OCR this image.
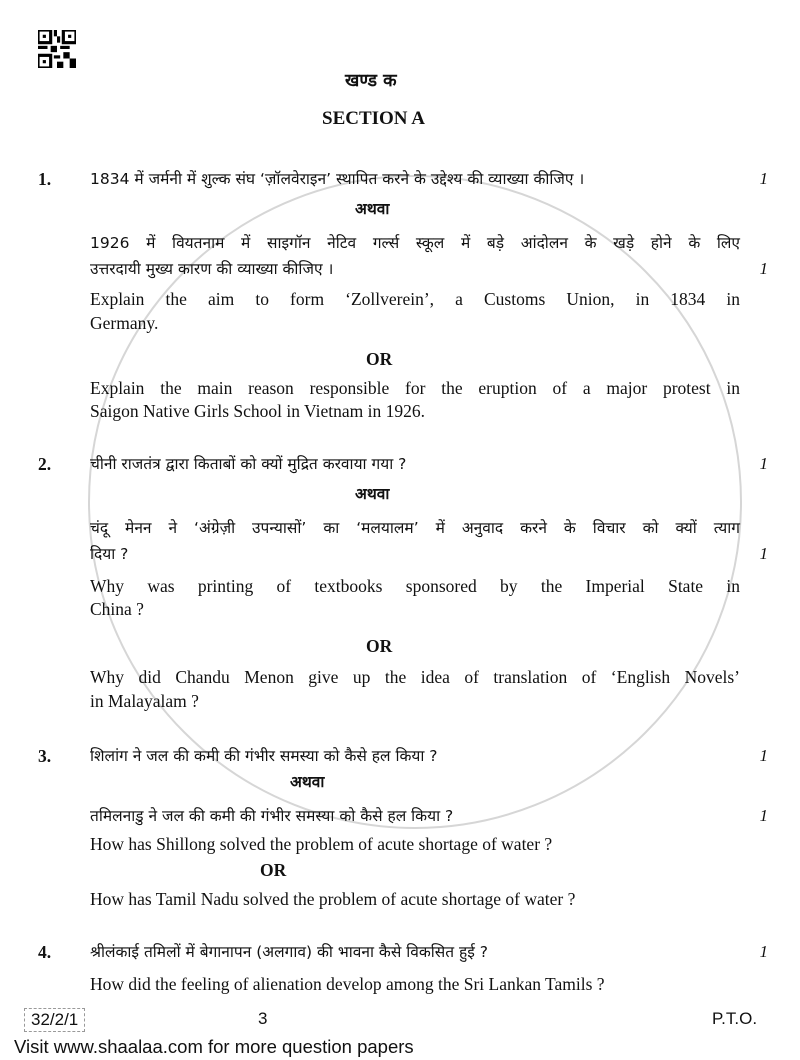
खण्ड क
SECTION A
1.	1834 में जर्मनी में शुल्क संघ ‘ज़ॉलवेराइन’ स्थापित करने के उद्देश्य की व्याख्या कीजिए ।	1
अथवा
1926 में वियतनाम में साइगॉन नेटिव गर्ल्स स्कूल में बड़े आंदोलन के खड़े होने के लिए
उत्तरदायी मुख्य कारण की व्याख्या कीजिए ।	1
Explain the aim to form ‘Zollverein’, a Customs Union, in 1834 in
Germany.
OR
Explain the main reason responsible for the eruption of a major protest in
Saigon Native Girls School in Vietnam in 1926.
2.	चीनी राजतंत्र द्वारा किताबों को क्यों मुद्रित करवाया गया ?	1
अथवा
चंदू मेनन ने ‘अंग्रेज़ी उपन्यासों’ का ‘मलयालम’ में अनुवाद करने के विचार को क्यों त्याग
दिया ?	1
Why was printing of textbooks sponsored by the Imperial State in
China ?
OR
Why did Chandu Menon give up the idea of translation of ‘English Novels’
in Malayalam ?
3.	शिलांग ने जल की कमी की गंभीर समस्या को कैसे हल किया ?	1
अथवा
तमिलनाडु ने जल की कमी की गंभीर समस्या को कैसे हल किया ?	1
How has Shillong solved the problem of acute shortage of water ?
OR
How has Tamil Nadu solved the problem of acute shortage of water ?
4.	श्रीलंकाई तमिलों में बेगानापन (अलगाव) की भावना कैसे विकसित हुई ?	1
How did the feeling of alienation develop among the Sri Lankan Tamils ?
32/2/1	3	P.T.O.
Visit www.shaalaa.com for more question papers
